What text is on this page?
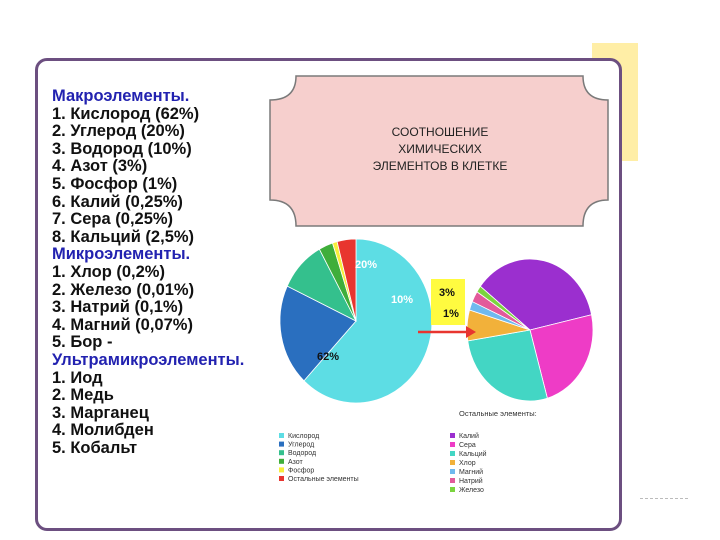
Макроэлементы.
1. Кислород (62%)
2. Углерод (20%)
3. Водород (10%)
4. Азот (3%)
5. Фосфор (1%)
6. Калий (0,25%)
7. Сера (0,25%)
8. Кальций (2,5%)
Микроэлементы.
1. Хлор (0,2%)
2. Железо (0,01%)
3. Натрий (0,1%)
4. Магний (0,07%)
5. Бор -
Ультрамикроэлементы.
1. Иод
2. Медь
3. Марганец
4. Молибден
5. Кобальт
СООТНОШЕНИЕ
ХИМИЧЕСКИХ
ЭЛЕМЕНТОВ В КЛЕТКЕ
62%
20%
10%
3%
1%
Остальные элементы:
Кислород
Углерод
Водород
Азот
Фосфор
Остальные элементы
Калий
Сера
Кальций
Хлор
Магний
Натрий
Железо
